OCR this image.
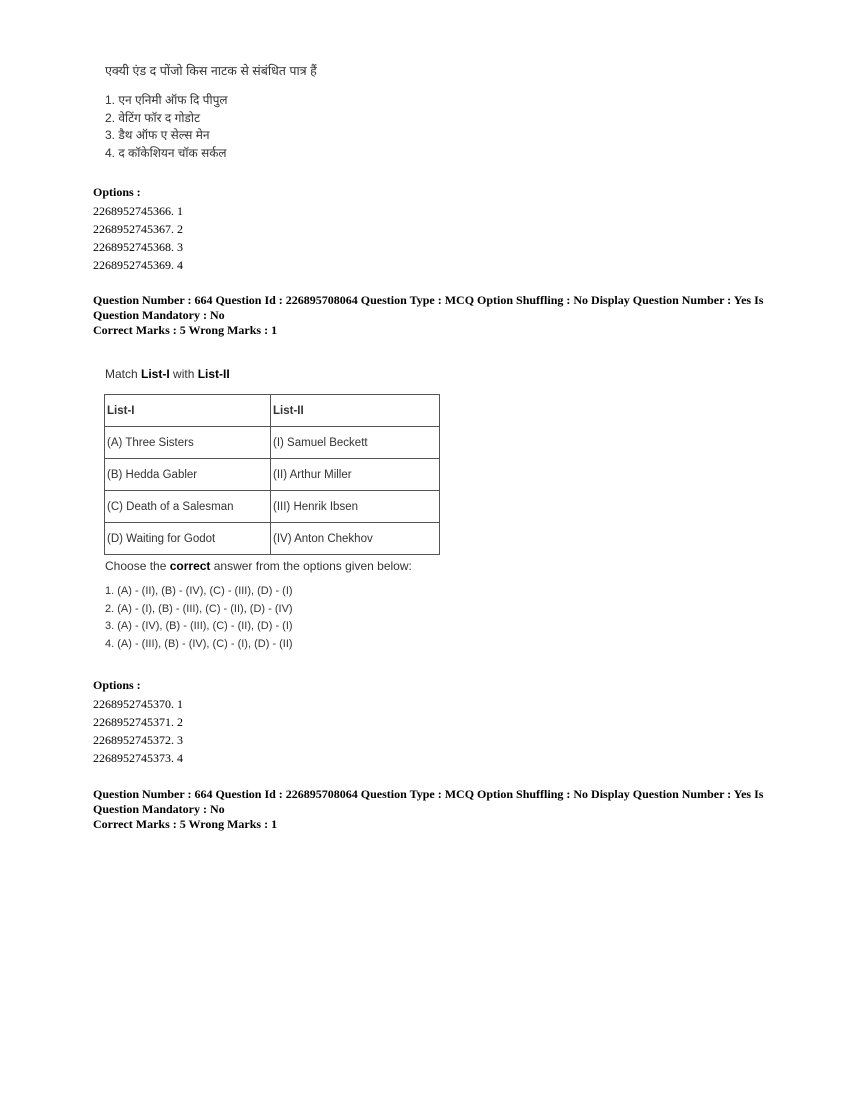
एक्यी एंड द पोंजो किस नाटक से संबंधित पात्र हैं

1. एन एनिमी ऑफ दि पीपुल
2. वेटिंग फॉर द गोडोट
3. डैथ ऑफ ए सेल्स मेन
4. द कॉकेशियन चॉक सर्कल

Options :

2268952745366. 1

2268952745367. 2

2268952745368. 3

2268952745369. 4

Question Number : 664 Question Id : 226895708064 Question Type : MCQ Option Shuffling : No Display Question Number : Yes Is

Question Mandatory : No

Correct Marks : 5 Wrong Marks : 1

Match List-I with List-II

List-I	List-II
(A) Three Sisters	(I) Samuel Beckett
(B) Hedda Gabler	(II) Arthur Miller
(C) Death of a Salesman	(III) Henrik Ibsen
(D) Waiting for Godot	(IV) Anton Chekhov

Choose the correct answer from the options given below:

1. (A) - (II), (B) - (IV), (C) - (III), (D) - (I)
2. (A) - (I), (B) - (III), (C) - (II), (D) - (IV)
3. (A) - (IV), (B) - (III), (C) - (II), (D) - (I)
4. (A) - (III), (B) - (IV), (C) - (I), (D) - (II)

Options :

2268952745370. 1

2268952745371. 2

2268952745372. 3

2268952745373. 4

Question Number : 664 Question Id : 226895708064 Question Type : MCQ Option Shuffling : No Display Question Number : Yes Is

Question Mandatory : No

Correct Marks : 5 Wrong Marks : 1
